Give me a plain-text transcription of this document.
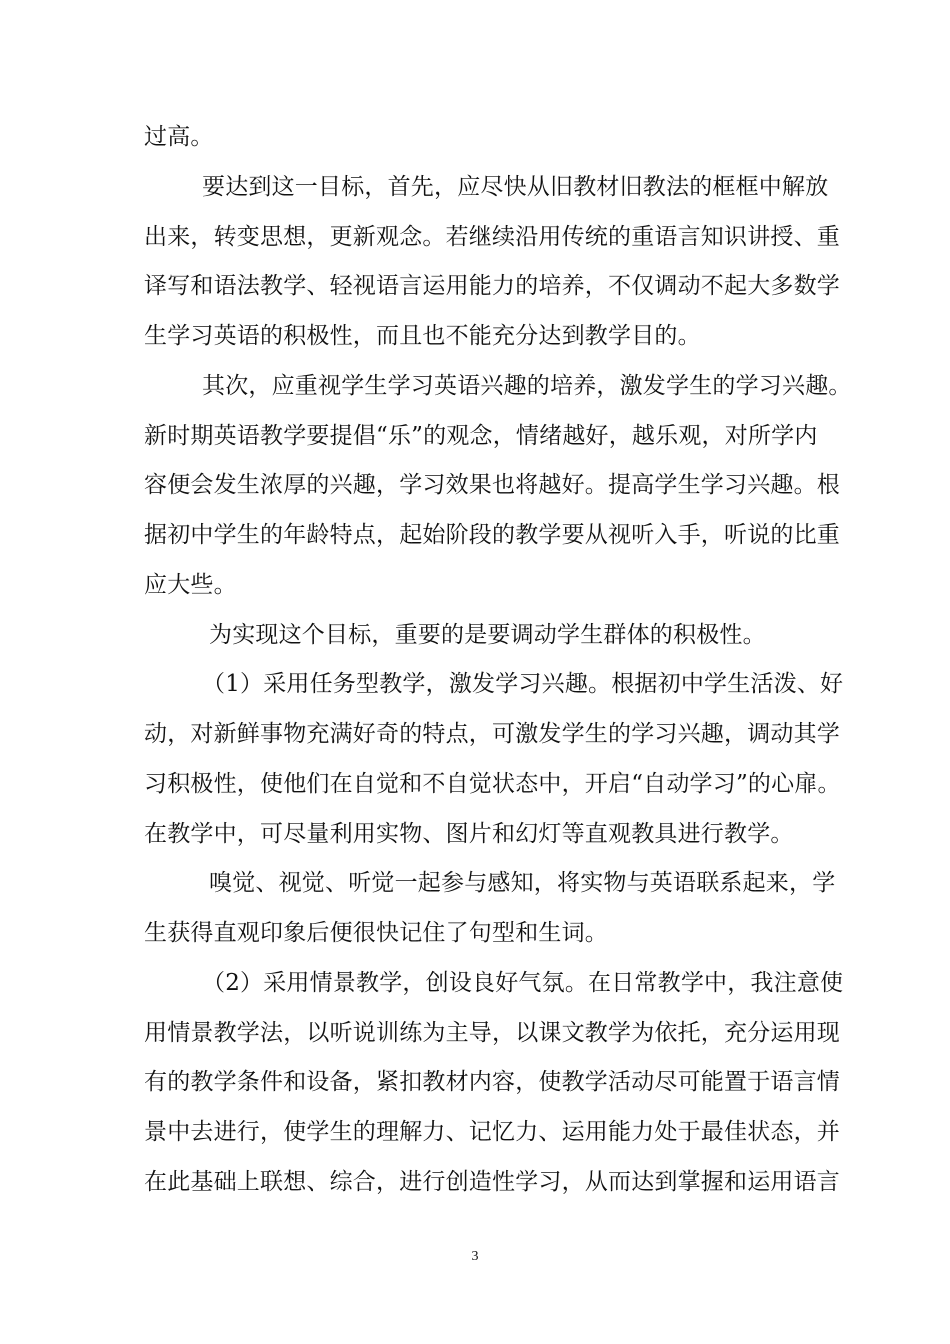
过高。
要达到这一目标，首先，应尽快从旧教材旧教法的框框中解放
出来，转变思想，更新观念。若继续沿用传统的重语言知识讲授、重
译写和语法教学、轻视语言运用能力的培养，不仅调动不起大多数学
生学习英语的积极性，而且也不能充分达到教学目的。
其次，应重视学生学习英语兴趣的培养，激发学生的学习兴趣。
新时期英语教学要提倡“乐”的观念，情绪越好，越乐观，对所学内
容便会发生浓厚的兴趣，学习效果也将越好。提高学生学习兴趣。根
据初中学生的年龄特点，起始阶段的教学要从视听入手，听说的比重
应大些。
为实现这个目标，重要的是要调动学生群体的积极性。
（1）采用任务型教学，激发学习兴趣。根据初中学生活泼、好
动，对新鲜事物充满好奇的特点，可激发学生的学习兴趣，调动其学
习积极性，使他们在自觉和不自觉状态中，开启“自动学习”的心扉。
在教学中，可尽量利用实物、图片和幻灯等直观教具进行教学。
嗅觉、视觉、听觉一起参与感知，将实物与英语联系起来，学
生获得直观印象后便很快记住了句型和生词。
（2）采用情景教学，创设良好气氛。在日常教学中，我注意使
用情景教学法，以听说训练为主导，以课文教学为依托，充分运用现
有的教学条件和设备，紧扣教材内容，使教学活动尽可能置于语言情
景中去进行，使学生的理解力、记忆力、运用能力处于最佳状态，并
在此基础上联想、综合，进行创造性学习，从而达到掌握和运用语言
3
